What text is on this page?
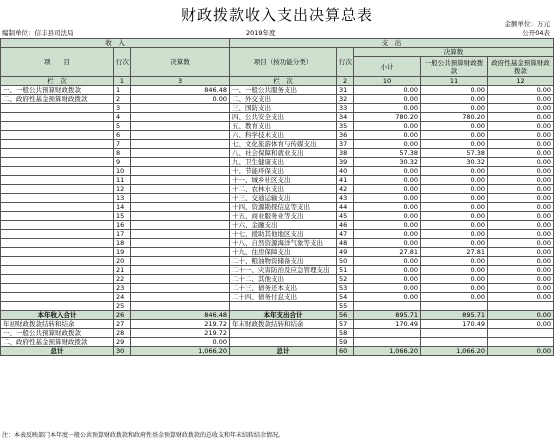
财政拨款收入支出决算总表	金额单位：万元
编制单位：信丰县司法局	2019年度	公开04表
收　入			支　出				
项　　目	行次	决算数	项目（按功能分类）	行次	决算数		
					小计	一般公共预算财政拨款	政府性基金预算财政拨款
栏　次	1	3	栏　次	2	10	11	12
一、一般公共预算财政拨款	1	846.48	一、一般公共服务支出	31	0.00	0.00	0.00
二、政府性基金预算财政拨款	2	0.00	二、外交支出	32	0.00	0.00	0.00
	3		三、国防支出	33	0.00	0.00	0.00
	4		四、公共安全支出	34	780.20	780.20	0.00
	5		五、教育支出	35	0.00	0.00	0.00
	6		六、科学技术支出	36	0.00	0.00	0.00
	7		七、文化旅游体育与传媒支出	37	0.00	0.00	0.00
	8		八、社会保障和就业支出	38	57.38	57.38	0.00
	9		九、卫生健康支出	39	30.32	30.32	0.00
	10		十、节能环保支出	40	0.00	0.00	0.00
	11		十一、城乡社区支出	41	0.00	0.00	0.00
	12		十二、农林水支出	42	0.00	0.00	0.00
	13		十三、交通运输支出	43	0.00	0.00	0.00
	14		十四、资源勘探信息等支出	44	0.00	0.00	0.00
	15		十五、商业服务业等支出	45	0.00	0.00	0.00
	16		十六、金融支出	46	0.00	0.00	0.00
	17		十七、援助其他地区支出	47	0.00	0.00	0.00
	18		十八、自然资源海洋气象等支出	48	0.00	0.00	0.00
	19		十九、住房保障支出	49	27.81	27.81	0.00
	20		二十、粮油物资储备支出	50	0.00	0.00	0.00
	21		二十一、灾害防治及应急管理支出	51	0.00	0.00	0.00
	22		二十二、其他支出	52	0.00	0.00	0.00
	23		二十三、债务还本支出	53	0.00	0.00	0.00
	24		二十四、债务付息支出	54	0.00	0.00	0.00
	25			55			
本年收入合计	26	846.48	本年支出合计	56	895.71	895.71	0.00
年初财政拨款结转和结余	27	219.72	年末财政拨款结转和结余	57	170.49	170.49	0.00
一、一般公共预算财政拨款	28	219.72		58			
二、政府性基金预算财政拨款	29	0.00		59			
总计	30	1,066.20	总计	60	1,066.20	1,066.20	0.00
注：本表反映部门本年度一般公共预算财政拨款和政府性基金预算财政拨款的总收支和年末结转结余情况。
